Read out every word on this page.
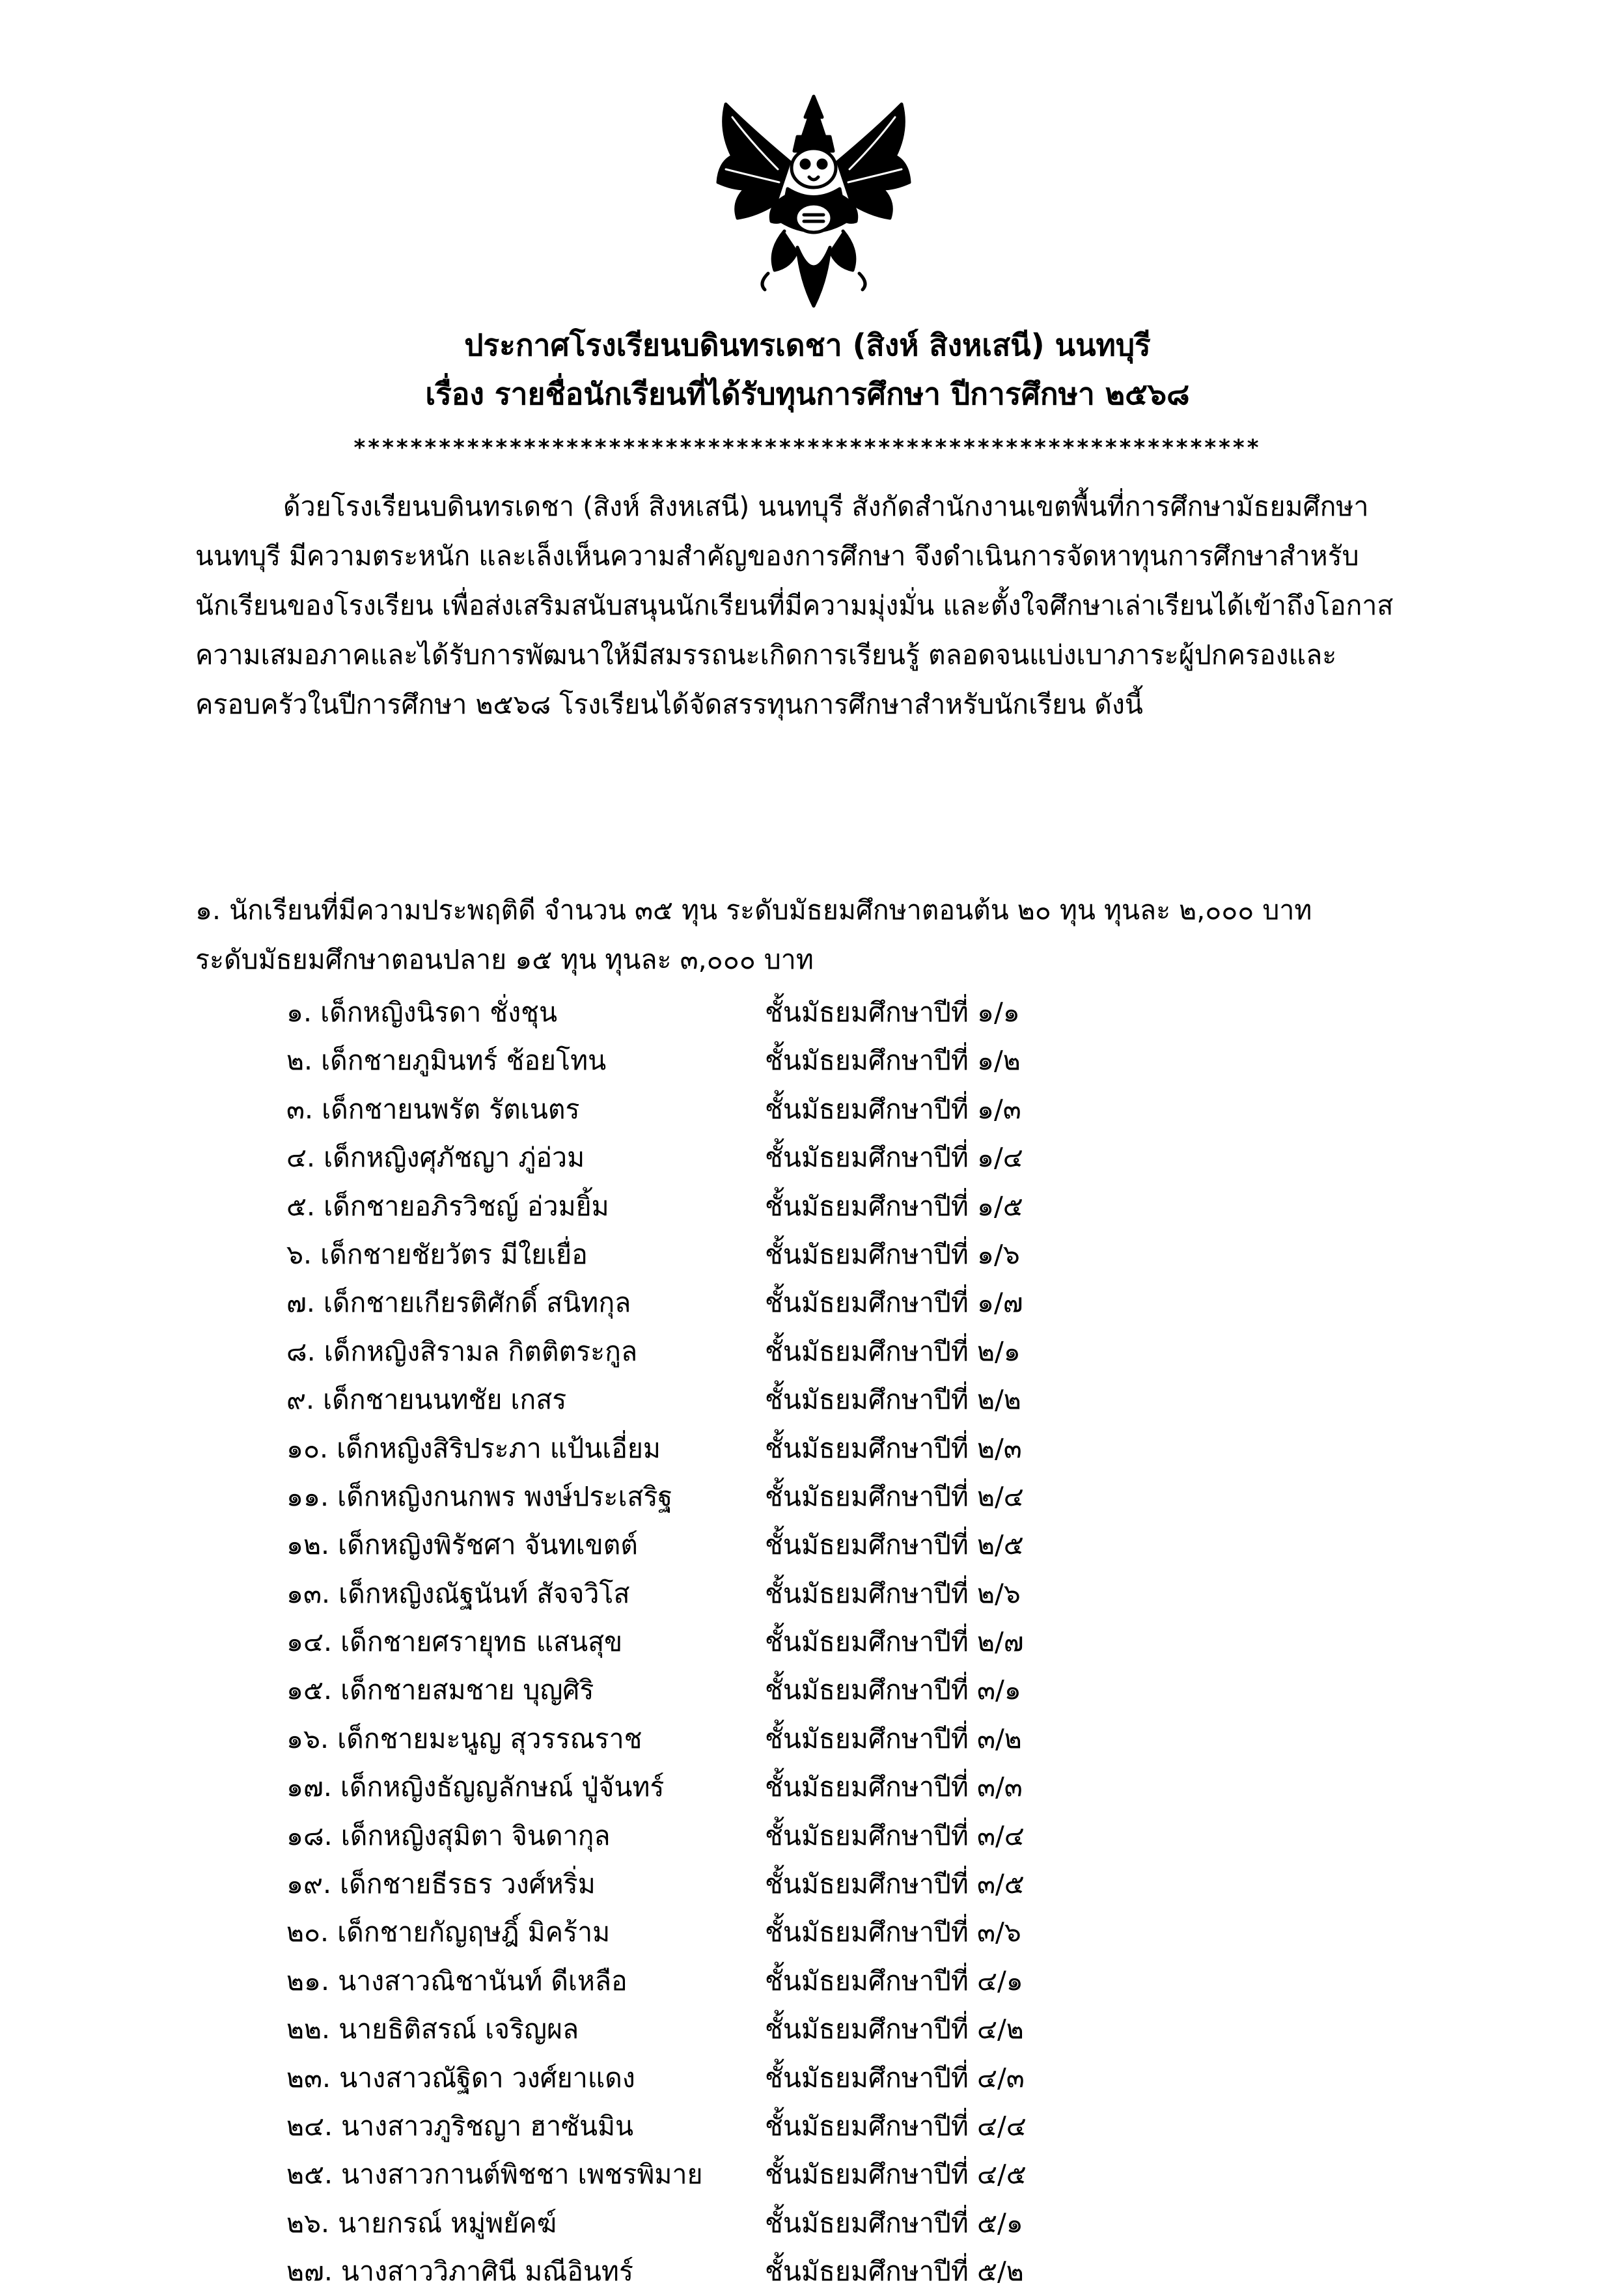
ประกาศโรงเรียนบดินทรเดชา (สิงห์ สิงหเสนี) นนทบุรี
เรื่อง รายชื่อนักเรียนที่ได้รับทุนการศึกษา ปีการศึกษา ๒๕๖๘
****************************************************************
ด้วยโรงเรียนบดินทรเดชา (สิงห์ สิงหเสนี) นนทบุรี สังกัดสำนักงานเขตพื้นที่การศึกษามัธยมศึกษา
นนทบุรี มีความตระหนัก และเล็งเห็นความสำคัญของการศึกษา จึงดำเนินการจัดหาทุนการศึกษาสำหรับ
นักเรียนของโรงเรียน เพื่อส่งเสริมสนับสนุนนักเรียนที่มีความมุ่งมั่น และตั้งใจศึกษาเล่าเรียนได้เข้าถึงโอกาส
ความเสมอภาคและได้รับการพัฒนาให้มีสมรรถนะเกิดการเรียนรู้ ตลอดจนแบ่งเบาภาระผู้ปกครองและ
ครอบครัวในปีการศึกษา ๒๕๖๘ โรงเรียนได้จัดสรรทุนการศึกษาสำหรับนักเรียน ดังนี้
๑. นักเรียนที่มีความประพฤติดี จำนวน ๓๕ ทุน ระดับมัธยมศึกษาตอนต้น ๒๐ ทุน ทุนละ ๒,๐๐๐ บาท
ระดับมัธยมศึกษาตอนปลาย ๑๕ ทุน ทุนละ ๓,๐๐๐ บาท
๑. เด็กหญิงนิรดา ชั่งชุน	ชั้นมัธยมศึกษาปีที่ ๑/๑
๒. เด็กชายภูมินทร์ ช้อยโทน	ชั้นมัธยมศึกษาปีที่ ๑/๒
๓. เด็กชายนพรัต รัตเนตร	ชั้นมัธยมศึกษาปีที่ ๑/๓
๔. เด็กหญิงศุภัชญา ภู่อ่วม	ชั้นมัธยมศึกษาปีที่ ๑/๔
๕. เด็กชายอภิรวิชญ์ อ่วมยิ้ม	ชั้นมัธยมศึกษาปีที่ ๑/๕
๖. เด็กชายชัยวัตร มีใยเยื่อ	ชั้นมัธยมศึกษาปีที่ ๑/๖
๗. เด็กชายเกียรติศักดิ์ สนิทกุล	ชั้นมัธยมศึกษาปีที่ ๑/๗
๘. เด็กหญิงสิรามล กิตติตระกูล	ชั้นมัธยมศึกษาปีที่ ๒/๑
๙. เด็กชายนนทชัย เกสร	ชั้นมัธยมศึกษาปีที่ ๒/๒
๑๐. เด็กหญิงสิริประภา แป้นเอี่ยม	ชั้นมัธยมศึกษาปีที่ ๒/๓
๑๑. เด็กหญิงกนกพร พงษ์ประเสริฐ	ชั้นมัธยมศึกษาปีที่ ๒/๔
๑๒. เด็กหญิงพิรัชศา จันทเขตต์	ชั้นมัธยมศึกษาปีที่ ๒/๕
๑๓. เด็กหญิงณัฐนันท์ สัจจวิโส	ชั้นมัธยมศึกษาปีที่ ๒/๖
๑๔. เด็กชายศรายุทธ แสนสุข	ชั้นมัธยมศึกษาปีที่ ๒/๗
๑๕. เด็กชายสมชาย บุญศิริ	ชั้นมัธยมศึกษาปีที่ ๓/๑
๑๖. เด็กชายมะนูญ สุวรรณราช	ชั้นมัธยมศึกษาปีที่ ๓/๒
๑๗. เด็กหญิงธัญญลักษณ์ ปู่จันทร์	ชั้นมัธยมศึกษาปีที่ ๓/๓
๑๘. เด็กหญิงสุมิตา จินดากุล	ชั้นมัธยมศึกษาปีที่ ๓/๔
๑๙. เด็กชายธีรธร วงศ์หริ่ม	ชั้นมัธยมศึกษาปีที่ ๓/๕
๒๐. เด็กชายกัญฤษฎิ์ มิคร้าม	ชั้นมัธยมศึกษาปีที่ ๓/๖
๒๑. นางสาวณิชานันท์ ดีเหลือ	ชั้นมัธยมศึกษาปีที่ ๔/๑
๒๒. นายธิติสรณ์ เจริญผล	ชั้นมัธยมศึกษาปีที่ ๔/๒
๒๓. นางสาวณัฐิดา วงศ์ยาแดง	ชั้นมัธยมศึกษาปีที่ ๔/๓
๒๔. นางสาวภูริชญา ฮาซันมิน	ชั้นมัธยมศึกษาปีที่ ๔/๔
๒๕. นางสาวกานต์พิชชา เพชรพิมาย ชั้นมัธยมศึกษาปีที่ ๔/๕
๒๖. นายกรณ์ หมู่พยัคฆ์	ชั้นมัธยมศึกษาปีที่ ๕/๑
๒๗. นางสาววิภาศินี มณีอินทร์	ชั้นมัธยมศึกษาปีที่ ๕/๒
